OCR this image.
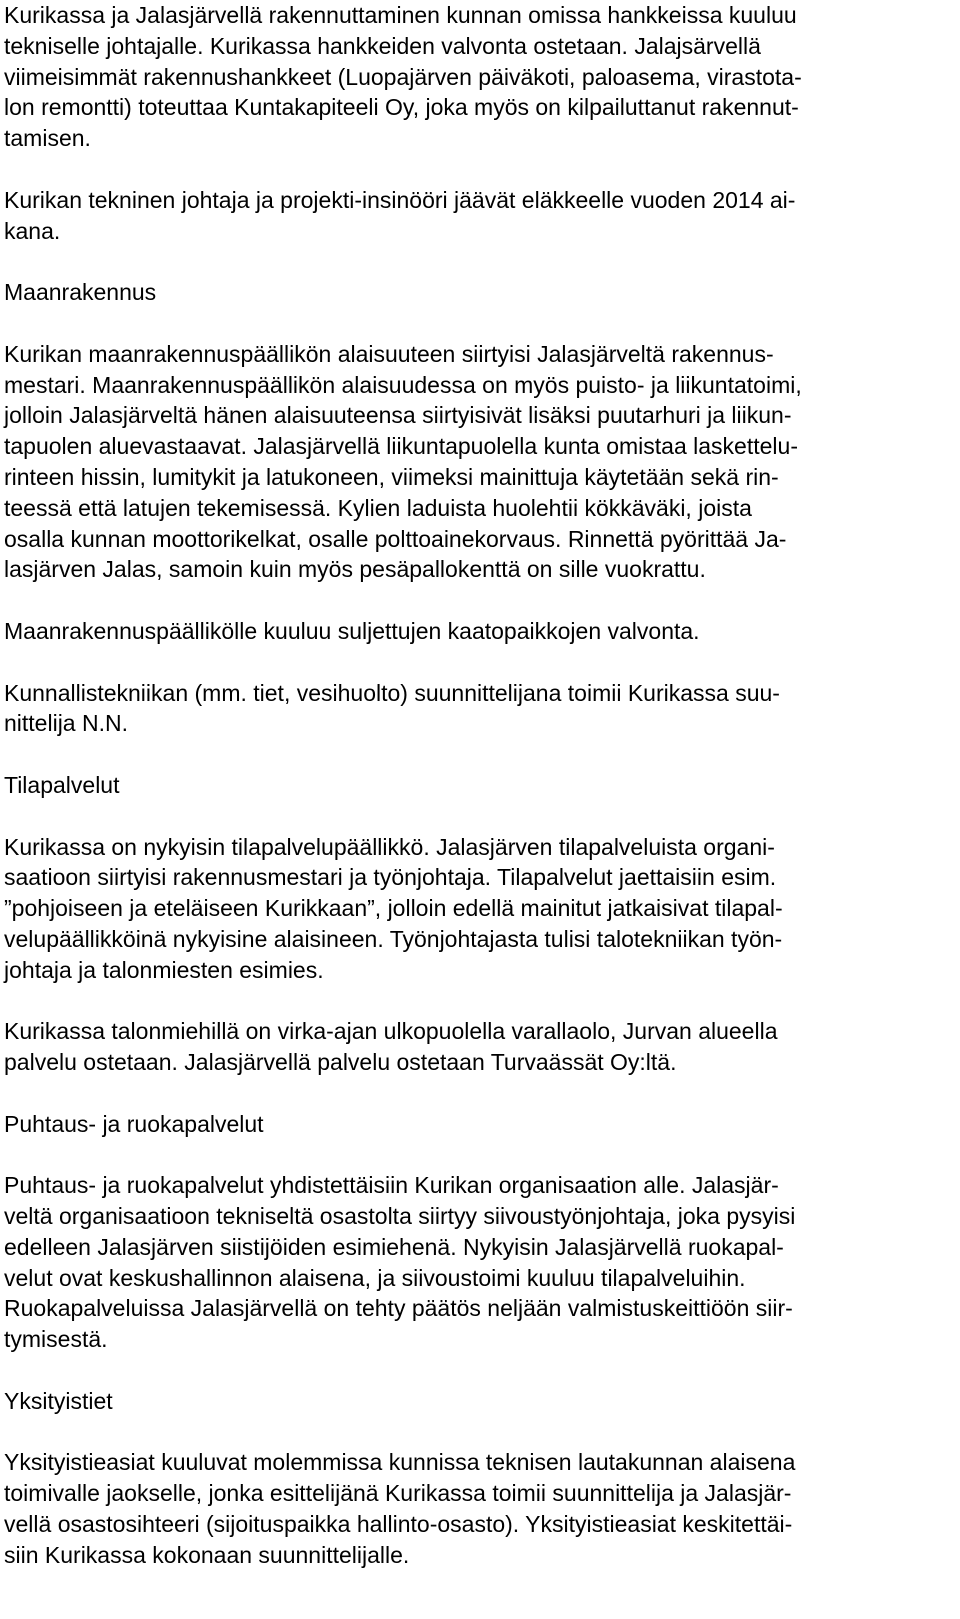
Kurikassa ja Jalasjärvellä rakennuttaminen kunnan omissa hankkeissa kuuluu
tekniselle johtajalle. Kurikassa hankkeiden valvonta ostetaan. Jalajsärvellä
viimeisimmät rakennushankkeet (Luopajärven päiväkoti, paloasema, virastota-
lon remontti) toteuttaa Kuntakapiteeli Oy, joka myös on kilpailuttanut rakennut-
tamisen.
Kurikan tekninen johtaja ja projekti-insinööri jäävät eläkkeelle vuoden 2014 ai-
kana.
Maanrakennus
Kurikan maanrakennuspäällikön alaisuuteen siirtyisi Jalasjärveltä rakennus-
mestari. Maanrakennuspäällikön alaisuudessa on myös puisto- ja liikuntatoimi,
jolloin Jalasjärveltä hänen alaisuuteensa siirtyisivät lisäksi puutarhuri ja liikun-
tapuolen aluevastaavat. Jalasjärvellä liikuntapuolella kunta omistaa laskettelu-
rinteen hissin, lumitykit ja latukoneen, viimeksi mainittuja käytetään sekä rin-
teessä että latujen tekemisessä. Kylien laduista huolehtii kökkäväki, joista
osalla kunnan moottorikelkat, osalle polttoainekorvaus. Rinnettä pyörittää Ja-
lasjärven Jalas, samoin kuin myös pesäpallokenttä on sille vuokrattu.
Maanrakennuspäällikölle kuuluu suljettujen kaatopaikkojen valvonta.
Kunnallistekniikan (mm. tiet, vesihuolto) suunnittelijana toimii Kurikassa suu-
nittelija N.N.
Tilapalvelut
Kurikassa on nykyisin tilapalvelupäällikkö. Jalasjärven tilapalveluista organi-
saatioon siirtyisi rakennusmestari ja työnjohtaja. Tilapalvelut jaettaisiin esim.
”pohjoiseen ja eteläiseen Kurikkaan”, jolloin edellä mainitut jatkaisivat tilapal-
velupäällikköinä nykyisine alaisineen. Työnjohtajasta tulisi talotekniikan työn-
johtaja ja talonmiesten esimies.
Kurikassa talonmiehillä on virka-ajan ulkopuolella varallaolo, Jurvan alueella
palvelu ostetaan. Jalasjärvellä palvelu ostetaan Turvaässät Oy:ltä.
Puhtaus- ja ruokapalvelut
Puhtaus- ja ruokapalvelut yhdistettäisiin Kurikan organisaation alle. Jalasjär-
veltä organisaatioon tekniseltä osastolta siirtyy siivoustyönjohtaja, joka pysyisi
edelleen Jalasjärven siistijöiden esimiehenä. Nykyisin Jalasjärvellä ruokapal-
velut ovat keskushallinnon alaisena, ja siivoustoimi kuuluu tilapalveluihin.
Ruokapalveluissa Jalasjärvellä on tehty päätös neljään valmistuskeittiöön siir-
tymisestä.
Yksityistiet
Yksityistieasiat kuuluvat molemmissa kunnissa teknisen lautakunnan alaisena
toimivalle jaokselle, jonka esittelijänä Kurikassa toimii suunnittelija ja Jalasjär-
vellä osastosihteeri (sijoituspaikka hallinto-osasto). Yksityistieasiat keskitettäi-
siin Kurikassa kokonaan suunnittelijalle.
